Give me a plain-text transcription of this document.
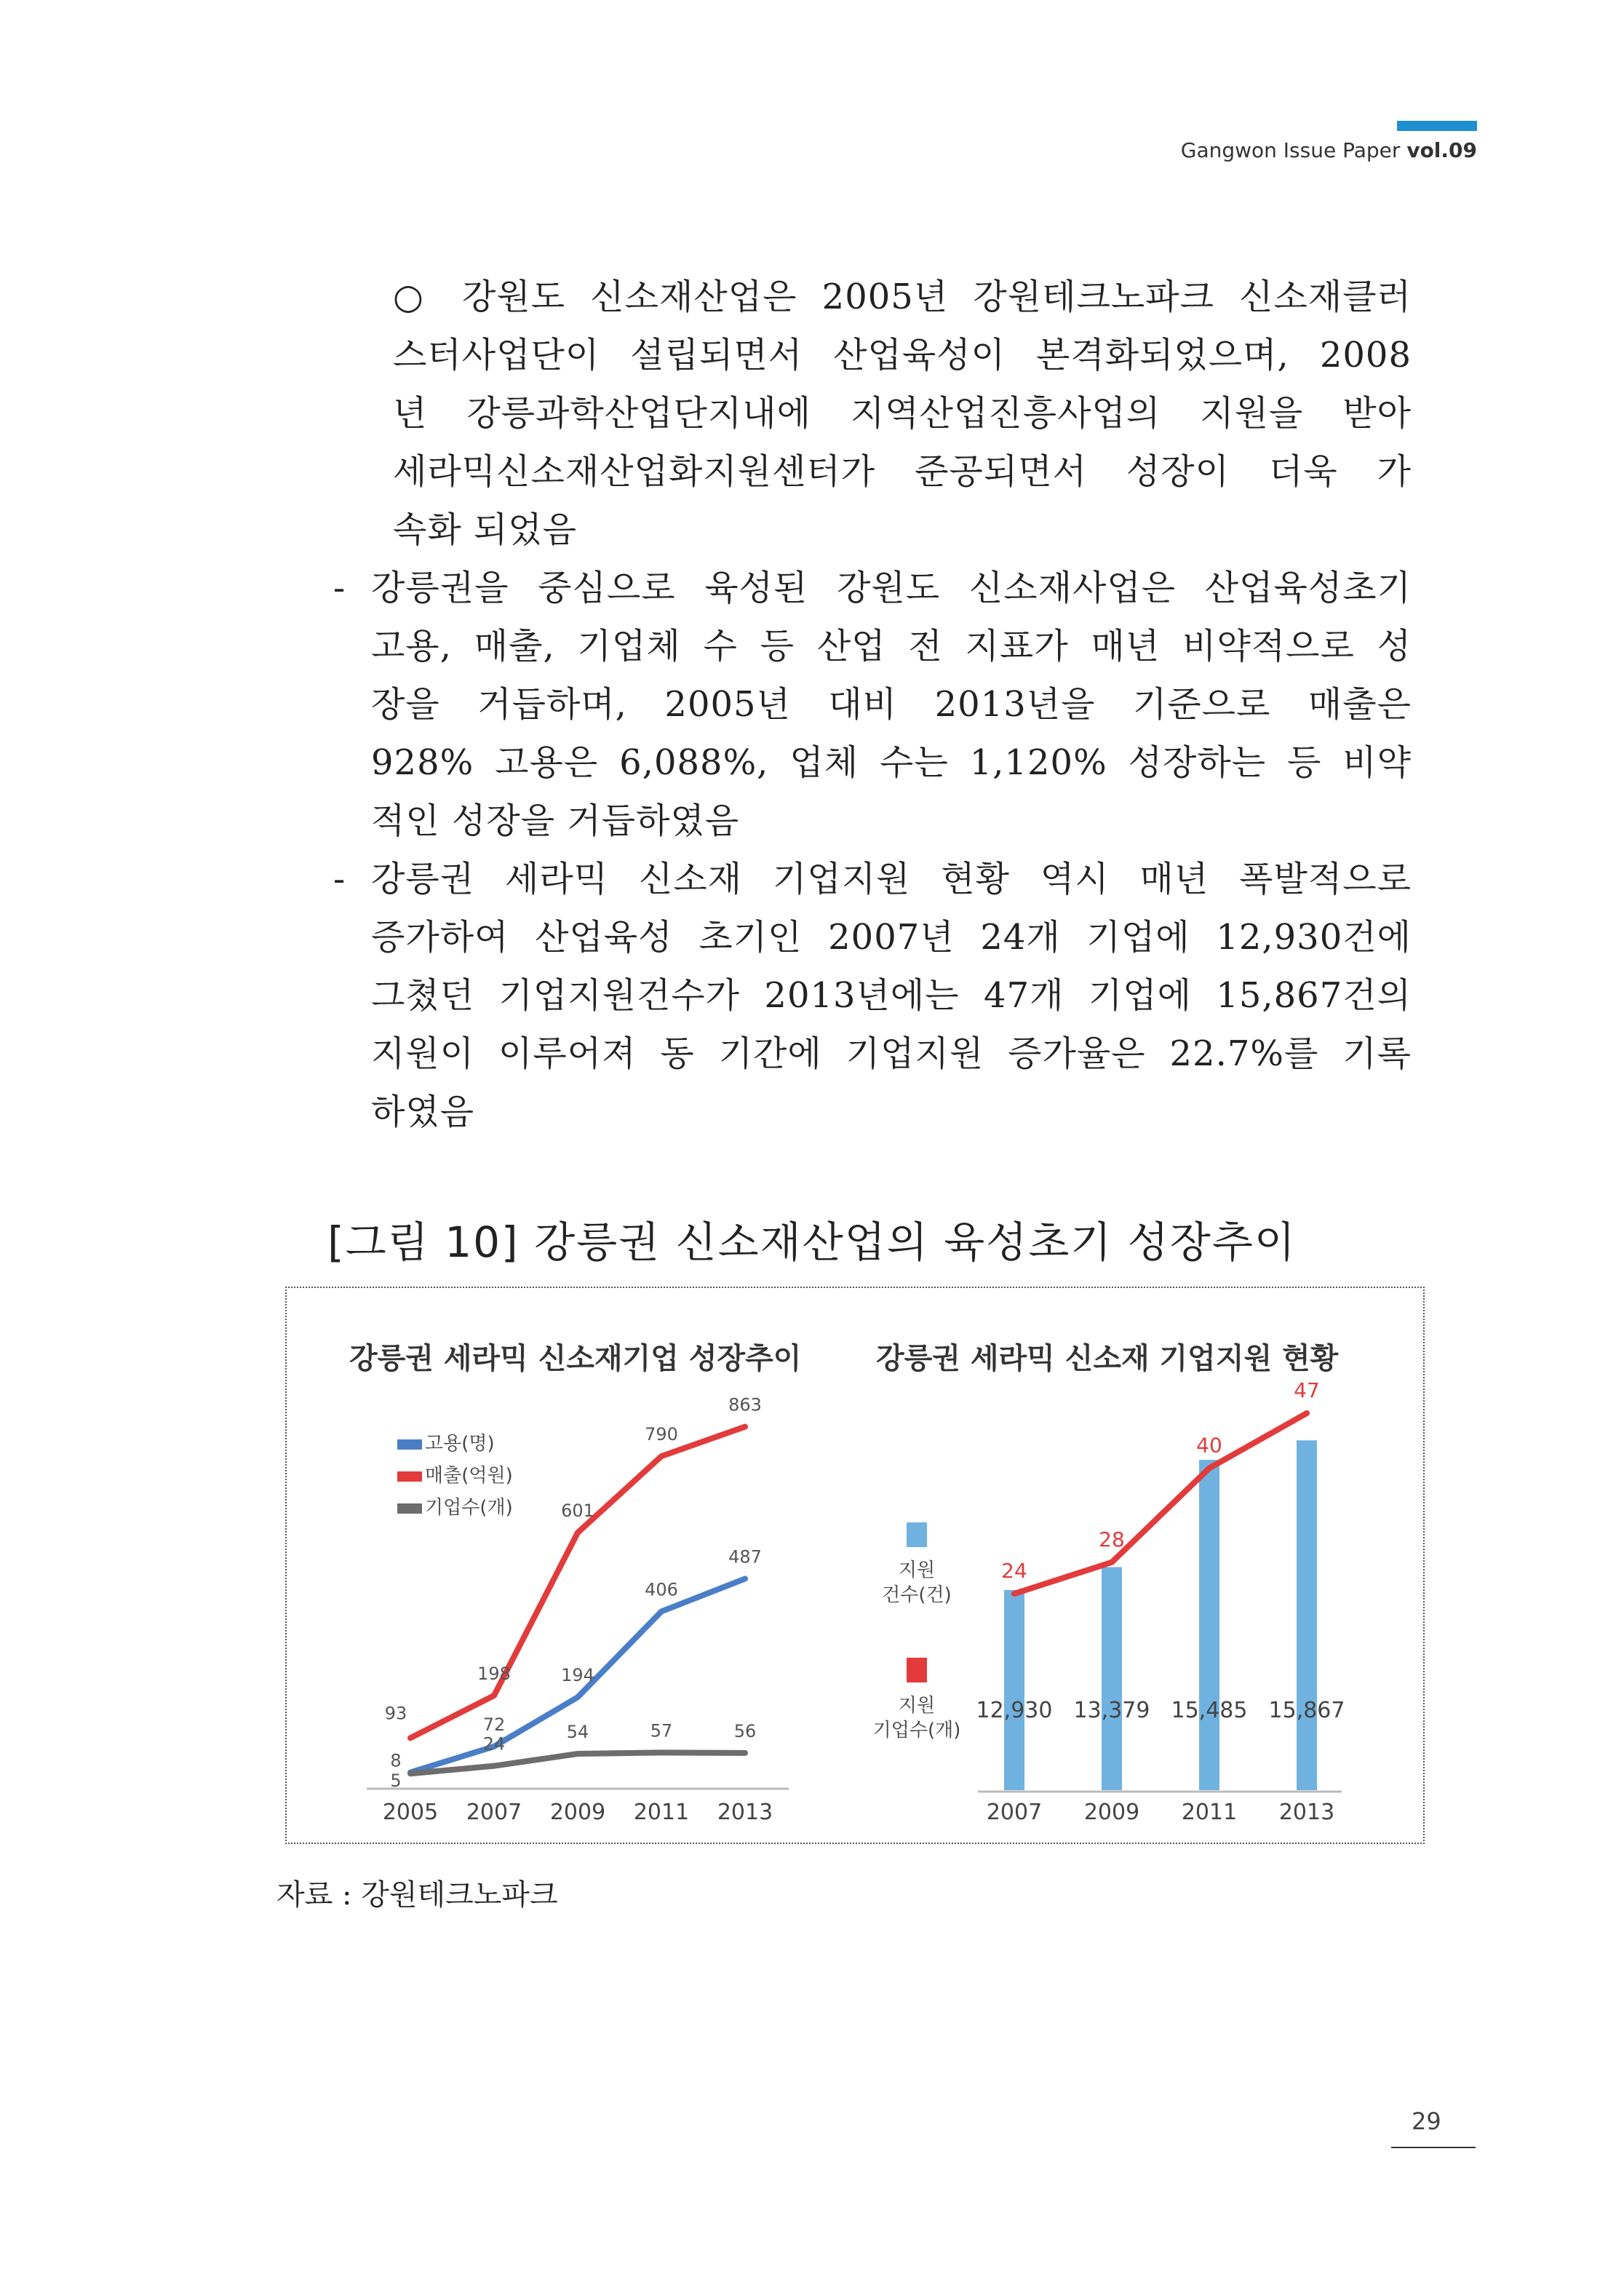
Gangwon Issue Paper vol.09
○ 강원도 신소재산업은 2005년 강원테크노파크 신소재클러
스터사업단이 설립되면서 산업육성이 본격화되었으며, 2008
년 강릉과학산업단지내에 지역산업진흥사업의 지원을 받아
세라믹신소재산업화지원센터가 준공되면서 성장이 더욱 가
속화 되었음
- 강릉권을 중심으로 육성된 강원도 신소재사업은 산업육성초기
고용, 매출, 기업체 수 등 산업 전 지표가 매년 비약적으로 성
장을 거듭하며, 2005년 대비 2013년을 기준으로 매출은
928% 고용은 6,088%, 업체 수는 1,120% 성장하는 등 비약
적인 성장을 거듭하였음
- 강릉권 세라믹 신소재 기업지원 현황 역시 매년 폭발적으로
증가하여 산업육성 초기인 2007년 24개 기업에 12,930건에
그쳤던 기업지원건수가 2013년에는 47개 기업에 15,867건의
지원이 이루어져 동 기간에 기업지원 증가율은 22.7%를 기록
하였음
[그림 10] 강릉권 신소재산업의 육성초기 성장추이
강릉권 세라믹 신소재기업 성장추이
2005 2007 2009 2011 2013
고용(명)
매출(억원)
기업수(개)
8
72
194
406
487
93
198
601
790
863
5
24
54	57	56
강릉권 세라믹 신소재 기업지원 현황
12,930 13,379 15,485 15,867
2007 2009 2011 2013
24
28
40
47
지원
건수(건)
지원
기업수(개)
자료 : 강원테크노파크
29
